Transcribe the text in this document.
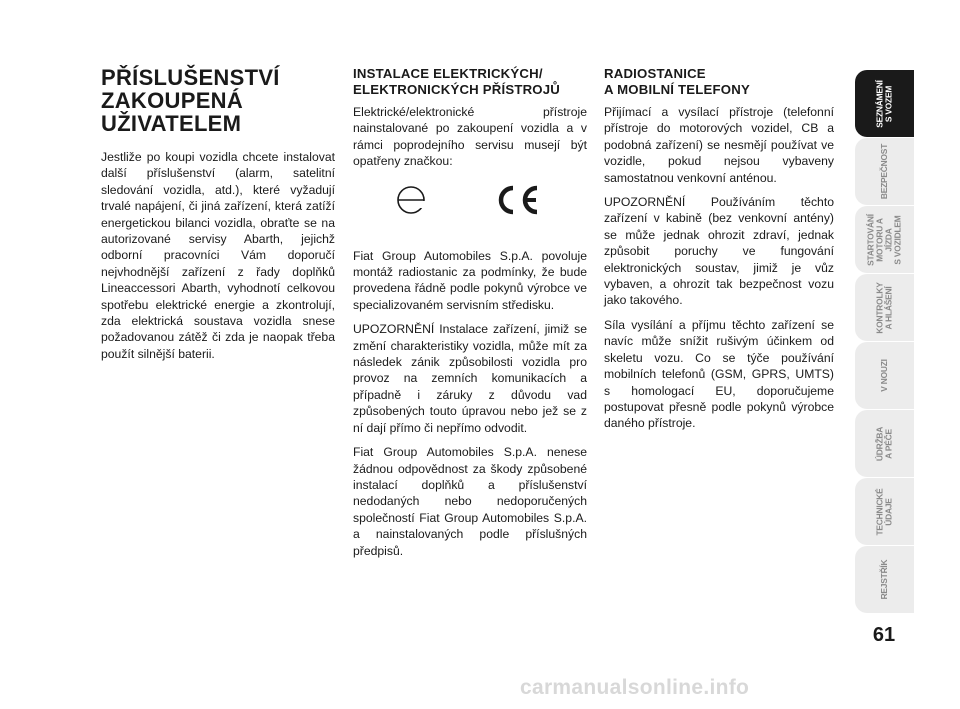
PŘÍSLUŠENSTVÍ
ZAKOUPENÁ
UŽIVATELEM

Jestliže po koupi vozidla chcete instalovat další příslušenství (alarm, satelitní sledování vozidla, atd.), které vyžadují trvalé napájení, či jiná zařízení, která zatíží energetickou bilanci vozidla, obraťte se na autorizované servisy Abarth, jejichž odborní pracovníci Vám doporučí nejvhodnější zařízení z řady doplňků Lineaccessori Abarth, vyhodnotí celkovou spotřebu elektrické energie a zkontrolují, zda elektrická soustava vozidla snese požadovanou zátěž či zda je naopak třeba použít silnější baterii.

INSTALACE ELEKTRICKÝCH/
ELEKTRONICKÝCH PŘÍSTROJŮ

Elektrické/elektronické přístroje nainstalované po zakoupení vozidla a v rámci poprodejního servisu musejí být opatřeny značkou:

Fiat Group Automobiles S.p.A. povoluje montáž radiostanic za podmínky, že bude provedena řádně podle pokynů výrobce ve specializovaném servisním středisku.

UPOZORNĚNÍ Instalace zařízení, jimiž se změní charakteristiky vozidla, může mít za následek zánik způsobilosti vozidla pro provoz na zemních komunikacích a případně i záruky z důvodu vad způsobených touto úpravou nebo jež se z ní dají přímo či nepřímo odvodit.

Fiat Group Automobiles S.p.A. nenese žádnou odpovědnost za škody způsobené instalací doplňků a příslušenství nedodaných nebo nedoporučených společností Fiat Group Automobiles S.p.A. a nainstalovaných podle příslušných předpisů.

RADIOSTANICE
A MOBILNÍ TELEFONY

Přijímací a vysílací přístroje (telefonní přístroje do motorových vozidel, CB a podobná zařízení) se nesmějí používat ve vozidle, pokud nejsou vybaveny samostatnou venkovní anténou.

UPOZORNĚNÍ Používáním těchto zařízení v kabině (bez venkovní antény) se může jednak ohrozit zdraví, jednak způsobit poruchy ve fungování elektronických soustav, jimiž je vůz vybaven, a ohrozit tak bezpečnost vozu jako takového.

Síla vysílání a příjmu těchto zařízení se navíc může snížit rušivým účinkem od skeletu vozu. Co se týče používání mobilních telefonů (GSM, GPRS, UMTS) s homologací EU, doporučujeme postupovat přesně podle pokynů výrobce daného přístroje.

SEZNÁMENÍ
S VOZEM
BEZPEČNOST
STARTOVÁNÍ
MOTORU A JÍZDA
S VOZIDLEM
KONTROLKY
A HLÁŠENÍ
V NOUZI
ÚDRŽBA
A PÉČE
TECHNICKÉ
ÚDAJE
REJSTŘÍK
61
carmanualsonline.info
